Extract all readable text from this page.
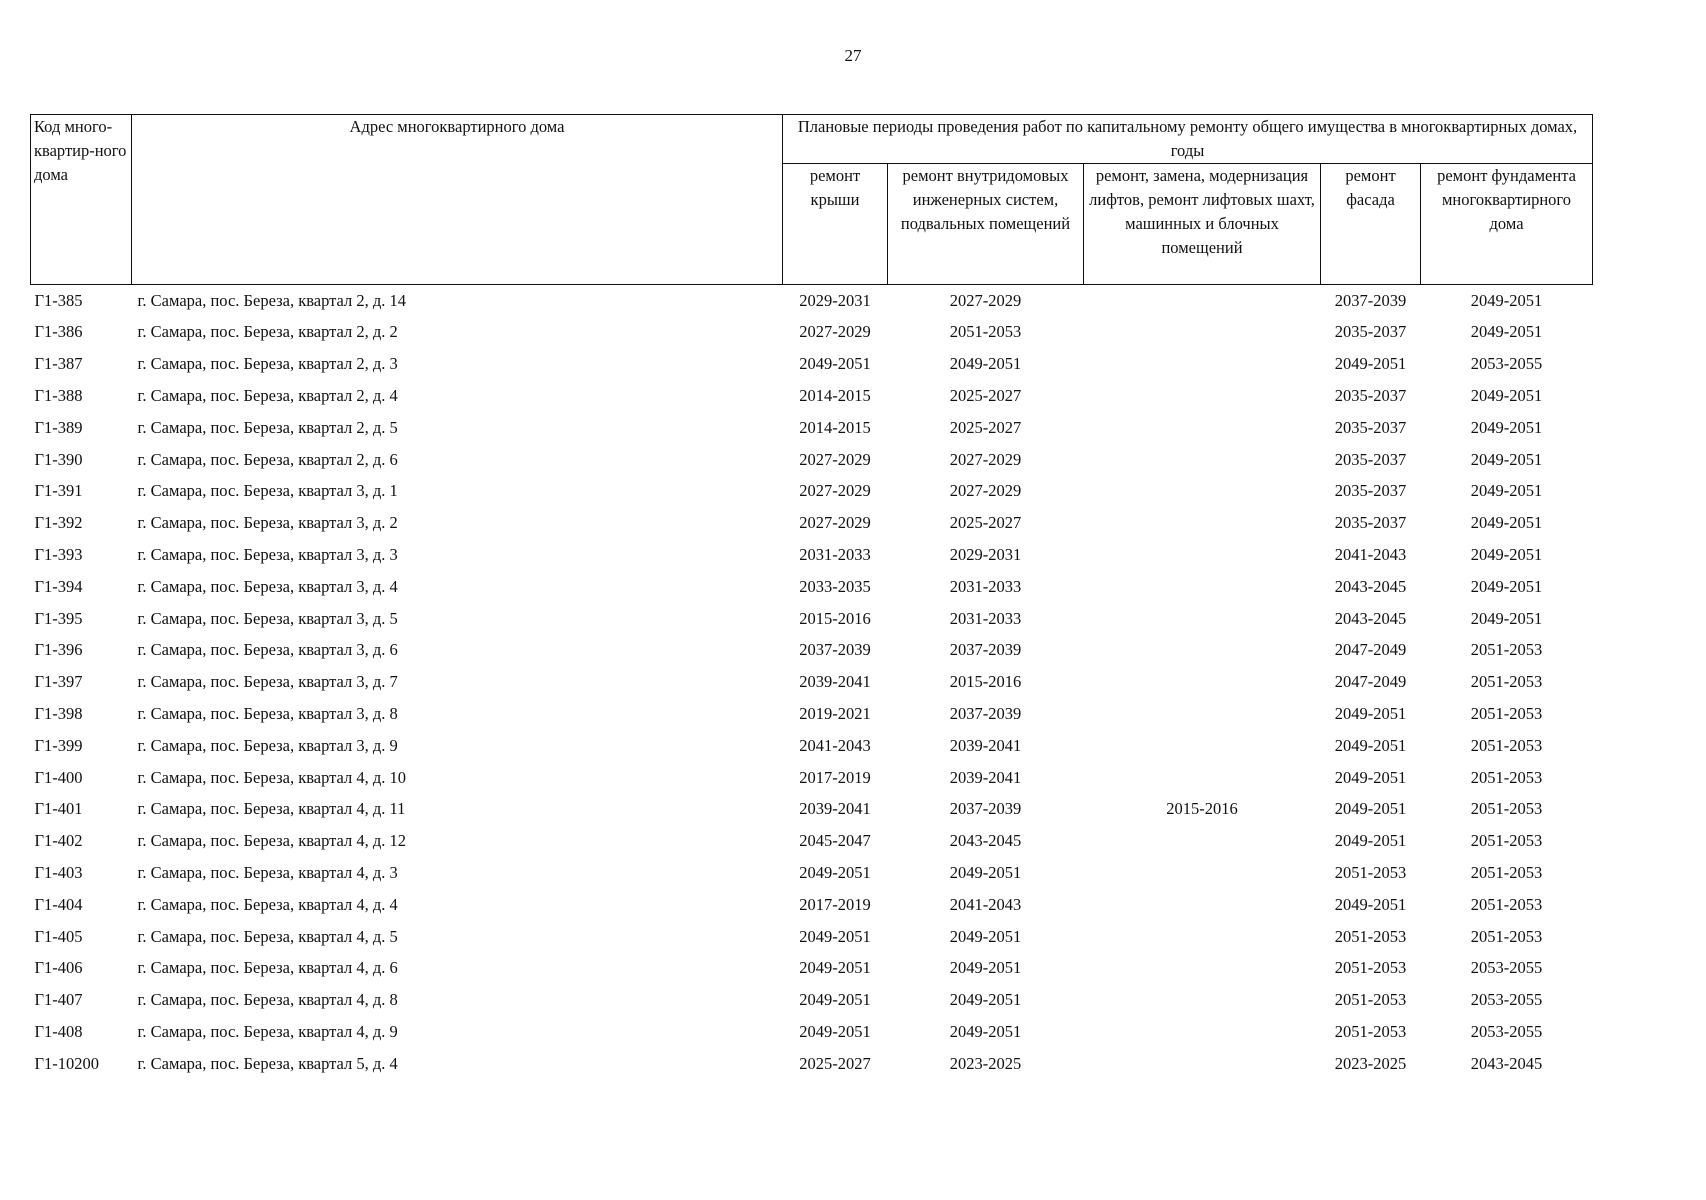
27
Код много-квартир-ного дома	Адрес многоквартирного дома	Плановые периоды проведения работ по капитальному ремонту общего имущества в многоквартирных домах, годы				
		ремонт крыши	ремонт внутридомовых инженерных систем, подвальных помещений	ремонт, замена, модернизация лифтов, ремонт лифтовых шахт, машинных и блочных помещений	ремонт фасада	ремонт фундамента многоквартирного дома
Г1-385	г. Самара, пос. Береза, квартал 2, д. 14	2029-2031	2027-2029		2037-2039	2049-2051
Г1-386	г. Самара, пос. Береза, квартал 2, д. 2	2027-2029	2051-2053		2035-2037	2049-2051
Г1-387	г. Самара, пос. Береза, квартал 2, д. 3	2049-2051	2049-2051		2049-2051	2053-2055
Г1-388	г. Самара, пос. Береза, квартал 2, д. 4	2014-2015	2025-2027		2035-2037	2049-2051
Г1-389	г. Самара, пос. Береза, квартал 2, д. 5	2014-2015	2025-2027		2035-2037	2049-2051
Г1-390	г. Самара, пос. Береза, квартал 2, д. 6	2027-2029	2027-2029		2035-2037	2049-2051
Г1-391	г. Самара, пос. Береза, квартал 3, д. 1	2027-2029	2027-2029		2035-2037	2049-2051
Г1-392	г. Самара, пос. Береза, квартал 3, д. 2	2027-2029	2025-2027		2035-2037	2049-2051
Г1-393	г. Самара, пос. Береза, квартал 3, д. 3	2031-2033	2029-2031		2041-2043	2049-2051
Г1-394	г. Самара, пос. Береза, квартал 3, д. 4	2033-2035	2031-2033		2043-2045	2049-2051
Г1-395	г. Самара, пос. Береза, квартал 3, д. 5	2015-2016	2031-2033		2043-2045	2049-2051
Г1-396	г. Самара, пос. Береза, квартал 3, д. 6	2037-2039	2037-2039		2047-2049	2051-2053
Г1-397	г. Самара, пос. Береза, квартал 3, д. 7	2039-2041	2015-2016		2047-2049	2051-2053
Г1-398	г. Самара, пос. Береза, квартал 3, д. 8	2019-2021	2037-2039		2049-2051	2051-2053
Г1-399	г. Самара, пос. Береза, квартал 3, д. 9	2041-2043	2039-2041		2049-2051	2051-2053
Г1-400	г. Самара, пос. Береза, квартал 4, д. 10	2017-2019	2039-2041		2049-2051	2051-2053
Г1-401	г. Самара, пос. Береза, квартал 4, д. 11	2039-2041	2037-2039	2015-2016	2049-2051	2051-2053
Г1-402	г. Самара, пос. Береза, квартал 4, д. 12	2045-2047	2043-2045		2049-2051	2051-2053
Г1-403	г. Самара, пос. Береза, квартал 4, д. 3	2049-2051	2049-2051		2051-2053	2051-2053
Г1-404	г. Самара, пос. Береза, квартал 4, д. 4	2017-2019	2041-2043		2049-2051	2051-2053
Г1-405	г. Самара, пос. Береза, квартал 4, д. 5	2049-2051	2049-2051		2051-2053	2051-2053
Г1-406	г. Самара, пос. Береза, квартал 4, д. 6	2049-2051	2049-2051		2051-2053	2053-2055
Г1-407	г. Самара, пос. Береза, квартал 4, д. 8	2049-2051	2049-2051		2051-2053	2053-2055
Г1-408	г. Самара, пос. Береза, квартал 4, д. 9	2049-2051	2049-2051		2051-2053	2053-2055
Г1-10200	г. Самара, пос. Береза, квартал 5, д. 4	2025-2027	2023-2025		2023-2025	2043-2045
